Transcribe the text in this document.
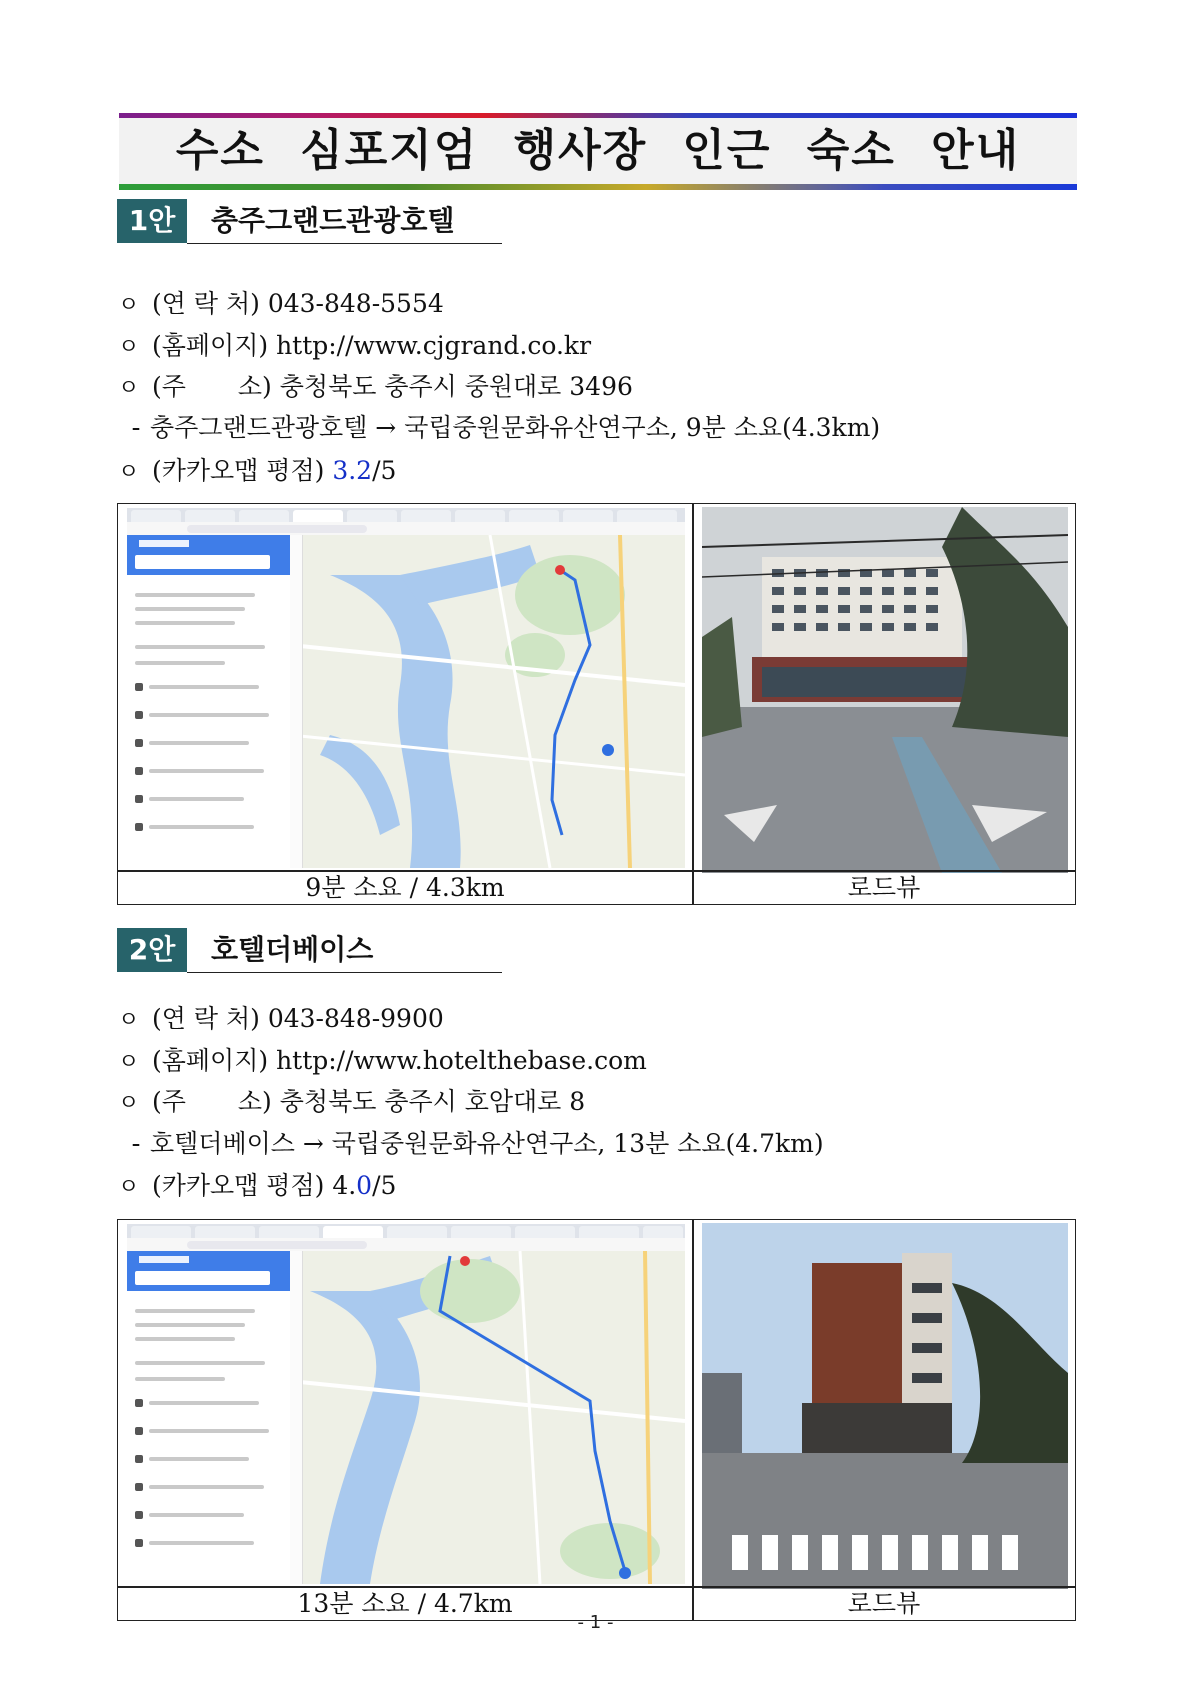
수소 심포지엄 행사장 인근 숙소 안내
1안	충주그랜드관광호텔
ㅇ (연 락 처) 043-848-5554
ㅇ (홈페이지) http://www.cjgrand.co.kr
ㅇ (주 소) 충청북도 충주시 중원대로 3496
- 충주그랜드관광호텔 → 국립중원문화유산연구소, 9분 소요(4.3km)
ㅇ (카카오맵 평점) 3.2/5
9분 소요 / 4.3km	로드뷰
2안	호텔더베이스
ㅇ (연 락 처) 043-848-9900
ㅇ (홈페이지) http://www.hotelthebase.com
ㅇ (주 소) 충청북도 충주시 호암대로 8
- 호텔더베이스 → 국립중원문화유산연구소, 13분 소요(4.7km)
ㅇ (카카오맵 평점) 4.0/5
13분 소요 / 4.7km	로드뷰
- 1 -
